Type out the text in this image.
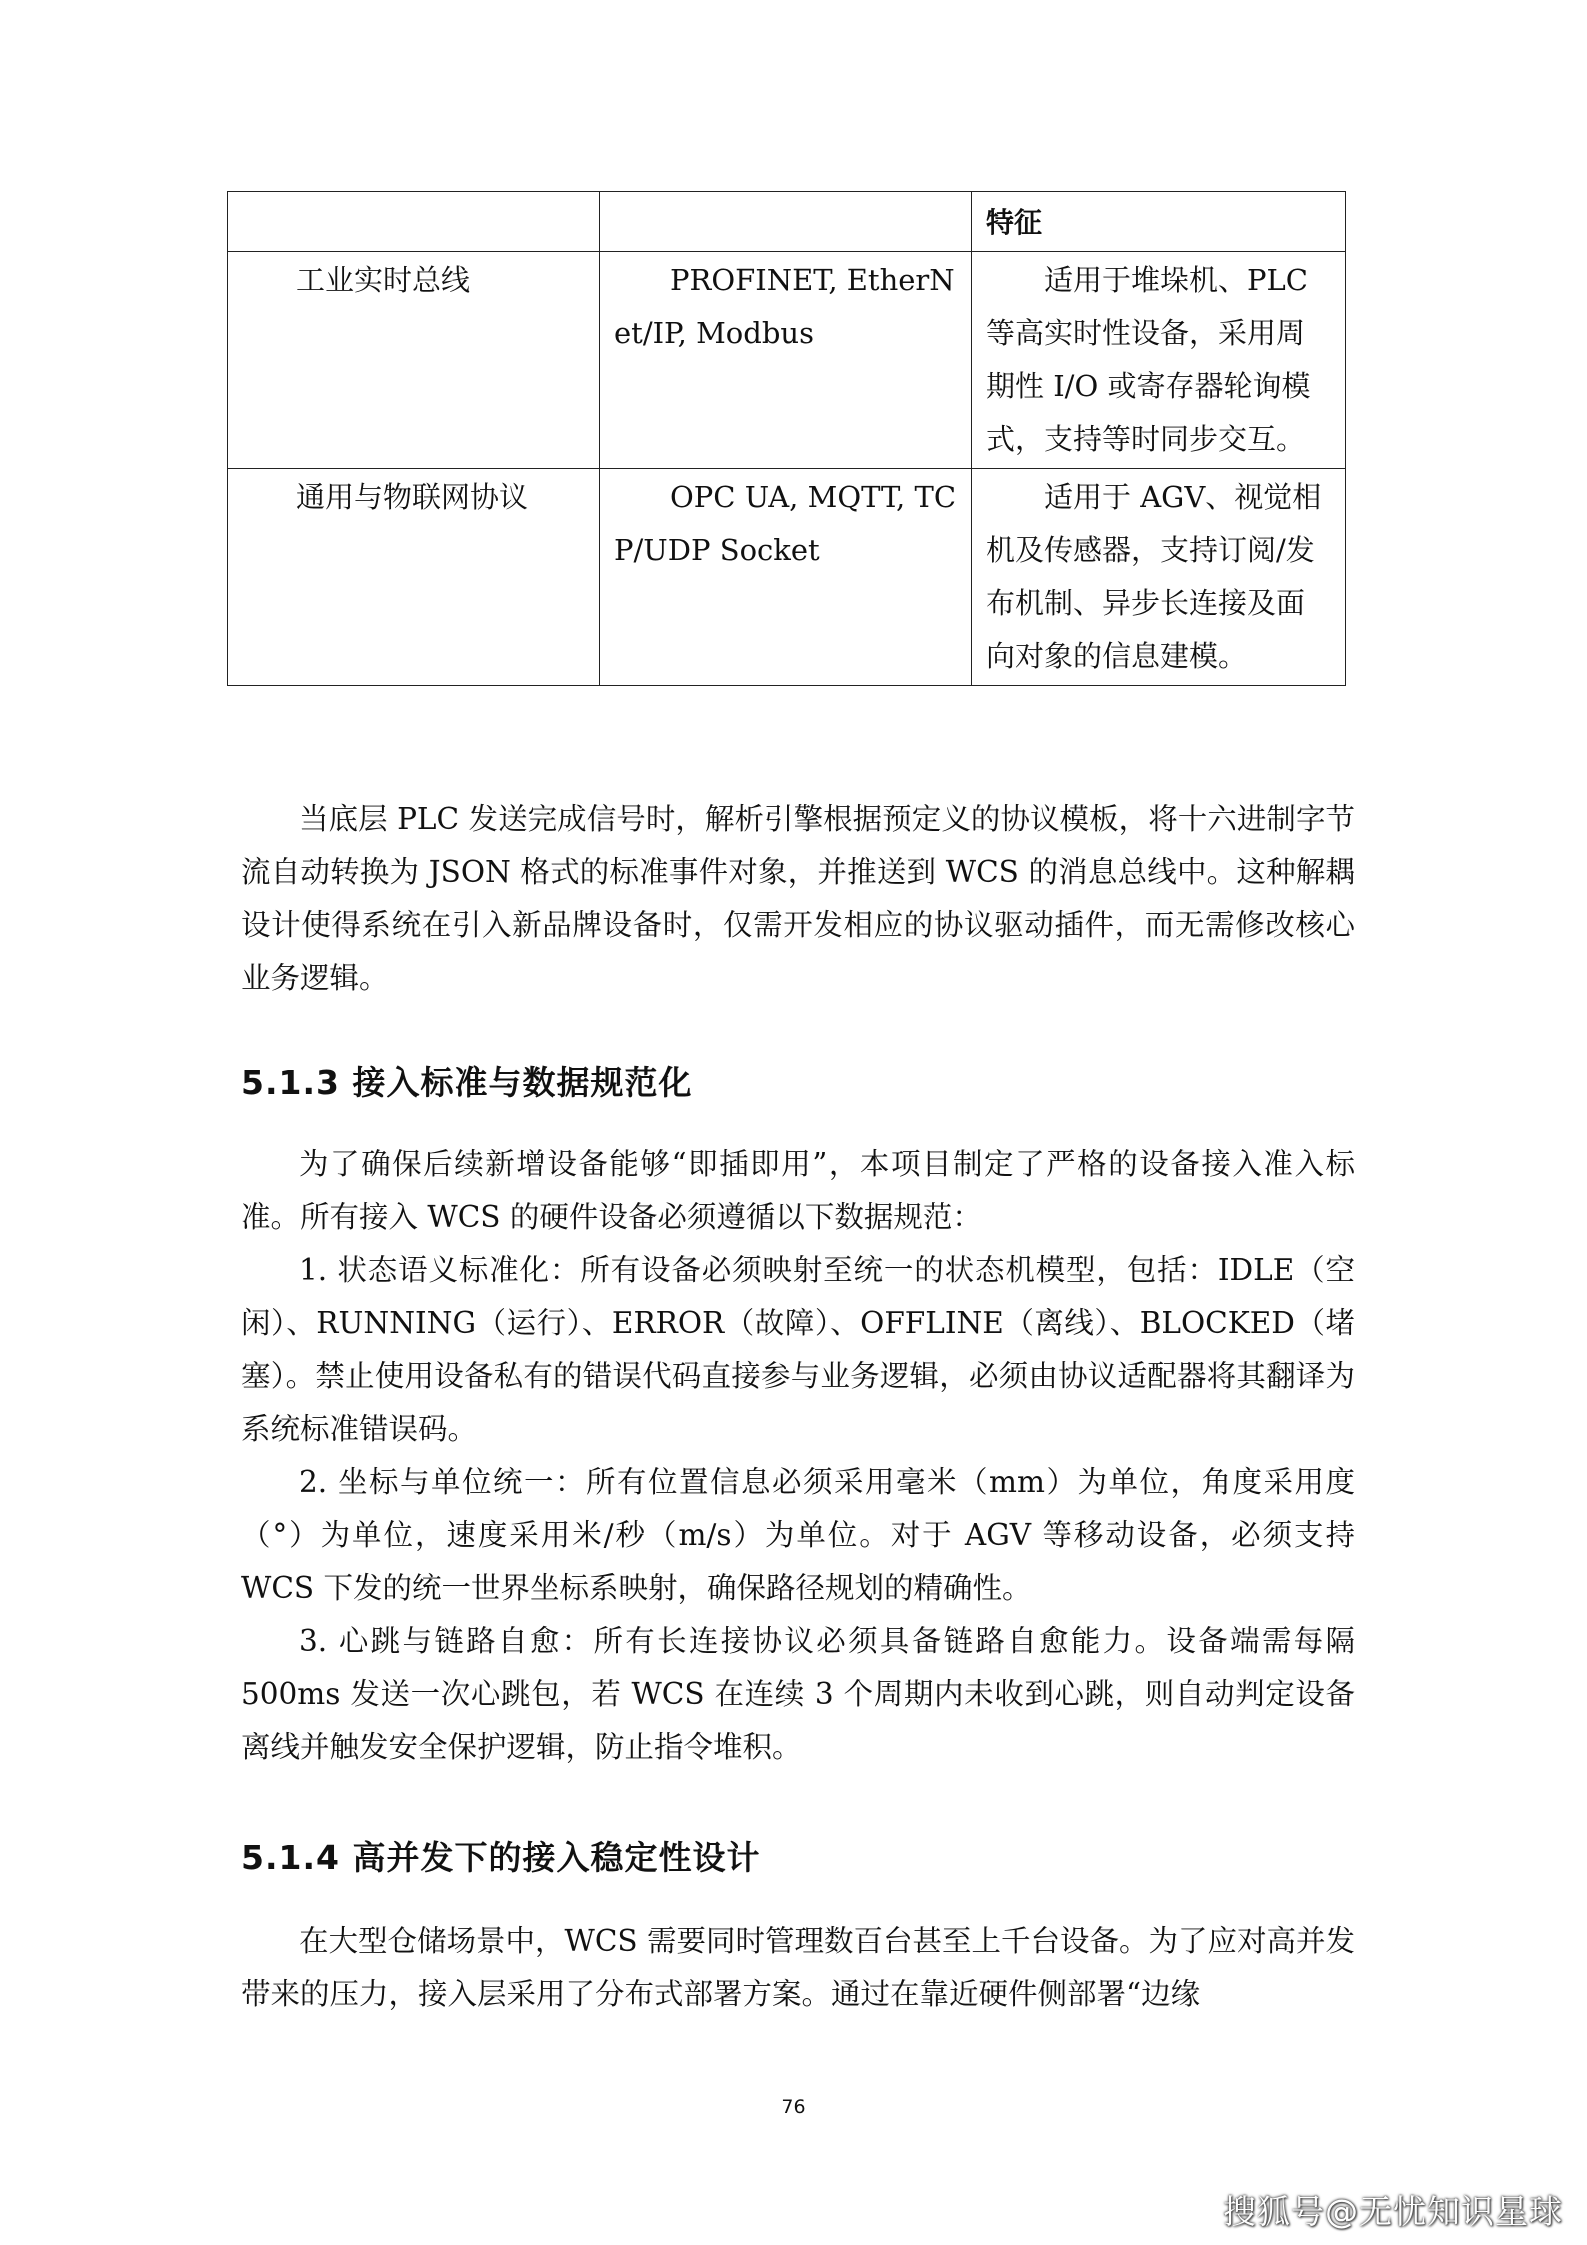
		特征

工业实时总线	PROFINET, EtherNet/IP, Modbus	适用于堆垛机、PLC 等高实时性设备，采用周期性 I/O 或寄存器轮询模式，支持等时同步交互。

通用与物联网协议	OPC UA, MQTT, TCP/UDP Socket	适用于 AGV、视觉相机及传感器，支持订阅/发布机制、异步长连接及面向对象的信息建模。

当底层 PLC 发送完成信号时，解析引擎根据预定义的协议模板，将十六进制字节流自动转换为 JSON 格式的标准事件对象，并推送到 WCS 的消息总线中。这种解耦设计使得系统在引入新品牌设备时，仅需开发相应的协议驱动插件，而无需修改核心业务逻辑。

5.1.3 接入标准与数据规范化

为了确保后续新增设备能够“即插即用”，本项目制定了严格的设备接入准入标准。所有接入 WCS 的硬件设备必须遵循以下数据规范：

1. 状态语义标准化：所有设备必须映射至统一的状态机模型，包括：IDLE（空闲）、RUNNING（运行）、ERROR（故障）、OFFLINE（离线）、BLOCKED（堵塞）。禁止使用设备私有的错误代码直接参与业务逻辑，必须由协议适配器将其翻译为系统标准错误码。

2. 坐标与单位统一：所有位置信息必须采用毫米（mm）为单位，角度采用度（°）为单位，速度采用米/秒（m/s）为单位。对于 AGV 等移动设备，必须支持 WCS 下发的统一世界坐标系映射，确保路径规划的精确性。

3. 心跳与链路自愈：所有长连接协议必须具备链路自愈能力。设备端需每隔 500ms 发送一次心跳包，若 WCS 在连续 3 个周期内未收到心跳，则自动判定设备离线并触发安全保护逻辑，防止指令堆积。

5.1.4 高并发下的接入稳定性设计

在大型仓储场景中，WCS 需要同时管理数百台甚至上千台设备。为了应对高并发带来的压力，接入层采用了分布式部署方案。通过在靠近硬件侧部署“边缘

76
搜狐号@无忧知识星球
